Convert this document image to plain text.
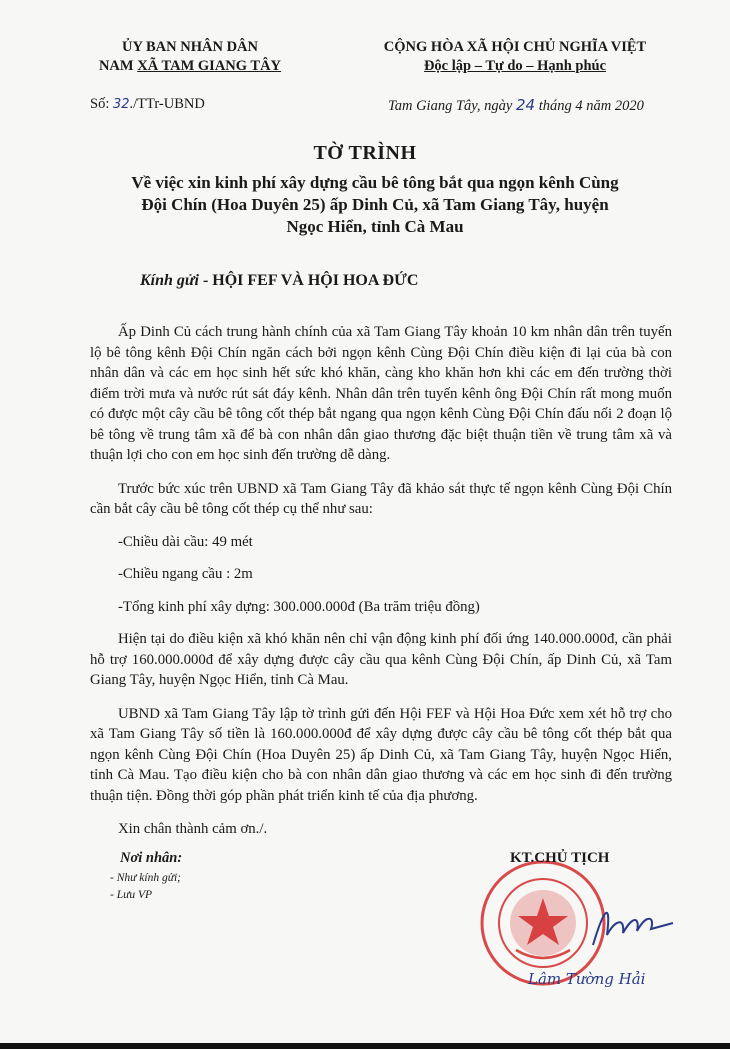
ỦY BAN NHÂN DÂN
NAM XÃ TAM GIANG TÂY
CỘNG HÒA XÃ HỘI CHỦ NGHĨA VIỆT
Độc lập – Tự do – Hạnh phúc
Số: 32./TTr-UBND	Tam Giang Tây, ngày 24 tháng 4 năm 2020
TỜ TRÌNH
Về việc xin kinh phí xây dựng cầu bê tông bắt qua ngọn kênh Cùng
Đội Chín (Hoa Duyên 25) ấp Dinh Củ, xã Tam Giang Tây, huyện
Ngọc Hiển, tỉnh Cà Mau
Kính gửi - HỘI FEF VÀ HỘI HOA ĐỨC

Ấp Dinh Củ cách trung hành chính của xã Tam Giang Tây khoản 10 km nhân dân trên tuyến lộ bê tông kênh Đội Chín ngăn cách bởi ngọn kênh Cùng Đội Chín điều kiện đi lại của bà con nhân dân và các em học sinh hết sức khó khăn, càng kho khăn hơn khi các em đến trường thời điểm trời mưa và nước rút sát đáy kênh. Nhân dân trên tuyến kênh ông Đội Chín rất mong muốn có được một cây cầu bê tông cốt thép bắt ngang qua ngọn kênh Cùng Đội Chín đấu nối 2 đoạn lộ bê tông về trung tâm xã để bà con nhân dân giao thương đặc biệt thuận tiền về trung tâm xã và thuận lợi cho con em học sinh đến trường dễ dàng.

Trước bức xúc trên UBND xã Tam Giang Tây đã khảo sát thực tế ngọn kênh Cùng Đội Chín cần bắt cây cầu bê tông cốt thép cụ thể như sau:

-Chiều dài cầu: 49 mét

-Chiều ngang cầu : 2m

-Tổng kinh phí xây dựng: 300.000.000đ (Ba trăm triệu đồng)

Hiện tại do điều kiện xã khó khăn nên chỉ vận động kinh phí đối ứng 140.000.000đ, cần phải hỗ trợ 160.000.000đ để xây dựng được cây cầu qua kênh Cùng Đội Chín, ấp Dinh Củ, xã Tam Giang Tây, huyện Ngọc Hiển, tỉnh Cà Mau.

UBND xã Tam Giang Tây lập tờ trình gửi đến Hội FEF và Hội Hoa Đức xem xét hỗ trợ cho xã Tam Giang Tây số tiền là 160.000.000đ để xây dựng được cây cầu bê tông cốt thép bắt qua ngọn kênh Cùng Đội Chín (Hoa Duyên 25) ấp Dinh Củ, xã Tam Giang Tây, huyện Ngọc Hiển, tỉnh Cà Mau. Tạo điều kiện cho bà con nhân dân giao thương và các em học sinh đi đến trường thuận tiện. Đồng thời góp phần phát triển kinh tế của địa phương.

Xin chân thành cảm ơn./.

Nơi nhân:
- Như kính gửi;
- Lưu VP
KT.CHỦ TỊCH
Lâm Tường Hải
